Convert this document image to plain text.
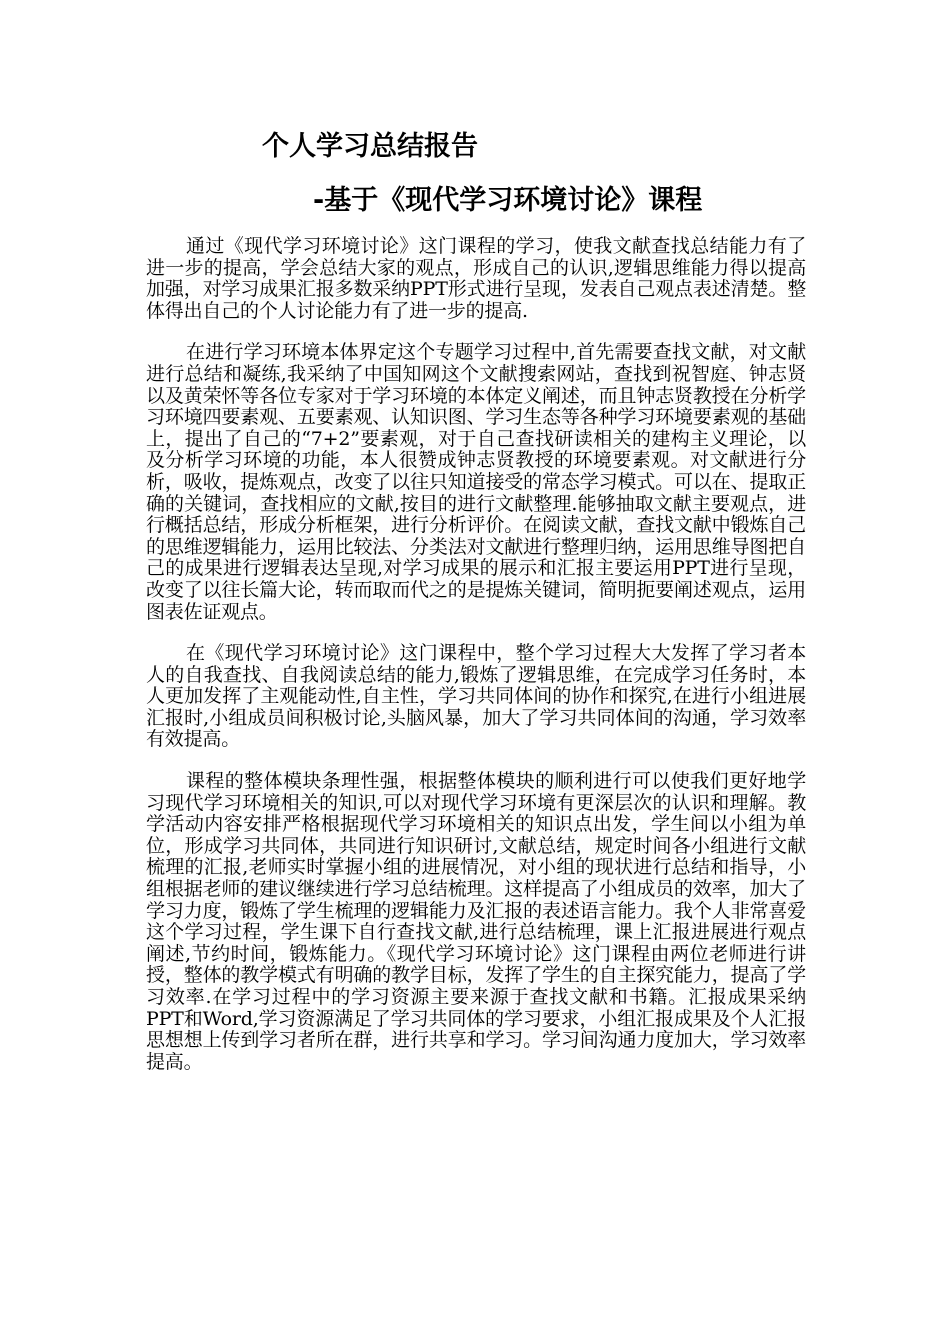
个人学习总结报告
-基于《现代学习环境讨论》课程

通过《现代学习环境讨论》这门课程的学习，使我文献查找总结能力有了进一步的提高，学会总结大家的观点，形成自己的认识,逻辑思维能力得以提高加强，对学习成果汇报多数采纳PPT形式进行呈现，发表自己观点表述清楚。整体得出自己的个人讨论能力有了进一步的提高.

在进行学习环境本体界定这个专题学习过程中,首先需要查找文献，对文献进行总结和凝练,我采纳了中国知网这个文献搜索网站，查找到祝智庭、钟志贤以及黄荣怀等各位专家对于学习环境的本体定义阐述，而且钟志贤教授在分析学习环境四要素观、五要素观、认知识图、学习生态等各种学习环境要素观的基础上，提出了自己的“7+2”要素观，对于自己查找研读相关的建构主义理论，以及分析学习环境的功能，本人很赞成钟志贤教授的环境要素观。对文献进行分析，吸收，提炼观点，改变了以往只知道接受的常态学习模式。可以在、提取正确的关键词，查找相应的文献,按目的进行文献整理.能够抽取文献主要观点，进行概括总结，形成分析框架，进行分析评价。在阅读文献，查找文献中锻炼自己的思维逻辑能力，运用比较法、分类法对文献进行整理归纳，运用思维导图把自己的成果进行逻辑表达呈现,对学习成果的展示和汇报主要运用PPT进行呈现，改变了以往长篇大论，转而取而代之的是提炼关键词，简明扼要阐述观点，运用图表佐证观点。

在《现代学习环境讨论》这门课程中，整个学习过程大大发挥了学习者本人的自我查找、自我阅读总结的能力,锻炼了逻辑思维，在完成学习任务时，本人更加发挥了主观能动性,自主性，学习共同体间的协作和探究,在进行小组进展汇报时,小组成员间积极讨论,头脑风暴，加大了学习共同体间的沟通，学习效率有效提高。

课程的整体模块条理性强，根据整体模块的顺利进行可以使我们更好地学习现代学习环境相关的知识,可以对现代学习环境有更深层次的认识和理解。教学活动内容安排严格根据现代学习环境相关的知识点出发，学生间以小组为单位，形成学习共同体，共同进行知识研讨,文献总结，规定时间各小组进行文献梳理的汇报,老师实时掌握小组的进展情况，对小组的现状进行总结和指导，小组根据老师的建议继续进行学习总结梳理。这样提高了小组成员的效率，加大了学习力度，锻炼了学生梳理的逻辑能力及汇报的表述语言能力。我个人非常喜爱这个学习过程，学生课下自行查找文献,进行总结梳理，课上汇报进展进行观点阐述,节约时间，锻炼能力。《现代学习环境讨论》这门课程由两位老师进行讲授，整体的教学模式有明确的教学目标，发挥了学生的自主探究能力，提高了学习效率.在学习过程中的学习资源主要来源于查找文献和书籍。汇报成果采纳PPT和Word,学习资源满足了学习共同体的学习要求，小组汇报成果及个人汇报思想想上传到学习者所在群，进行共享和学习。学习间沟通力度加大，学习效率提高。
